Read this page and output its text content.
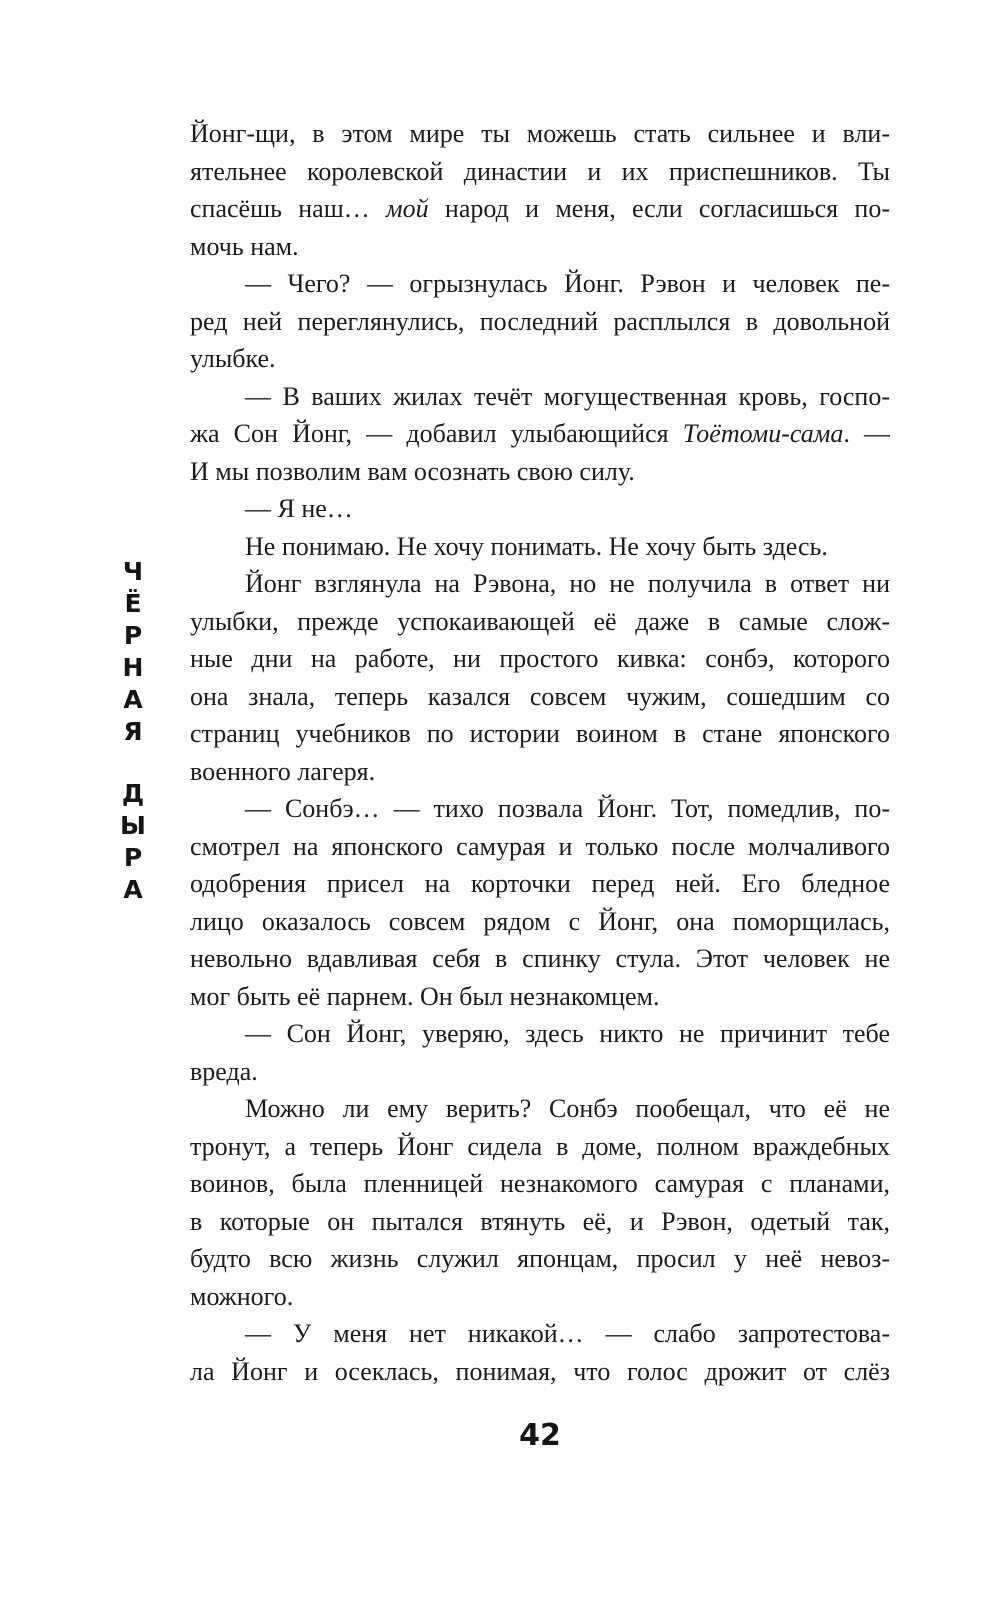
Ч
Ё
Р
Н
А
Я
Д
Ы
Р
А
Йонг-щи, в этом мире ты можешь стать сильнее и вли-
ятельнее королевской династии и их приспешников. Ты
спасёшь наш… мой народ и меня, если согласишься по-
мочь нам.
— Чего? — огрызнулась Йонг. Рэвон и человек пе-
ред ней переглянулись, последний расплылся в довольной
улыбке.
— В ваших жилах течёт могущественная кровь, госпо-
жа Сон Йонг, — добавил улыбающийся Тоётоми-сама. —
И мы позволим вам осознать свою силу.
— Я не…
Не понимаю. Не хочу понимать. Не хочу быть здесь.
Йонг взглянула на Рэвона, но не получила в ответ ни
улыбки, прежде успокаивающей её даже в самые слож-
ные дни на работе, ни простого кивка: сонбэ, которого
она знала, теперь казался совсем чужим, сошедшим со
страниц учебников по истории воином в стане японского
военного лагеря.
— Сонбэ… — тихо позвала Йонг. Тот, помедлив, по-
смотрел на японского самурая и только после молчаливого
одобрения присел на корточки перед ней. Его бледное
лицо оказалось совсем рядом с Йонг, она поморщилась,
невольно вдавливая себя в спинку стула. Этот человек не
мог быть её парнем. Он был незнакомцем.
— Сон Йонг, уверяю, здесь никто не причинит тебе
вреда.
Можно ли ему верить? Сонбэ пообещал, что её не
тронут, а теперь Йонг сидела в доме, полном враждебных
воинов, была пленницей незнакомого самурая с планами,
в которые он пытался втянуть её, и Рэвон, одетый так,
будто всю жизнь служил японцам, просил у неё невоз-
можного.
— У меня нет никакой… — слабо запротестова-
ла Йонг и осеклась, понимая, что голос дрожит от слёз
42
